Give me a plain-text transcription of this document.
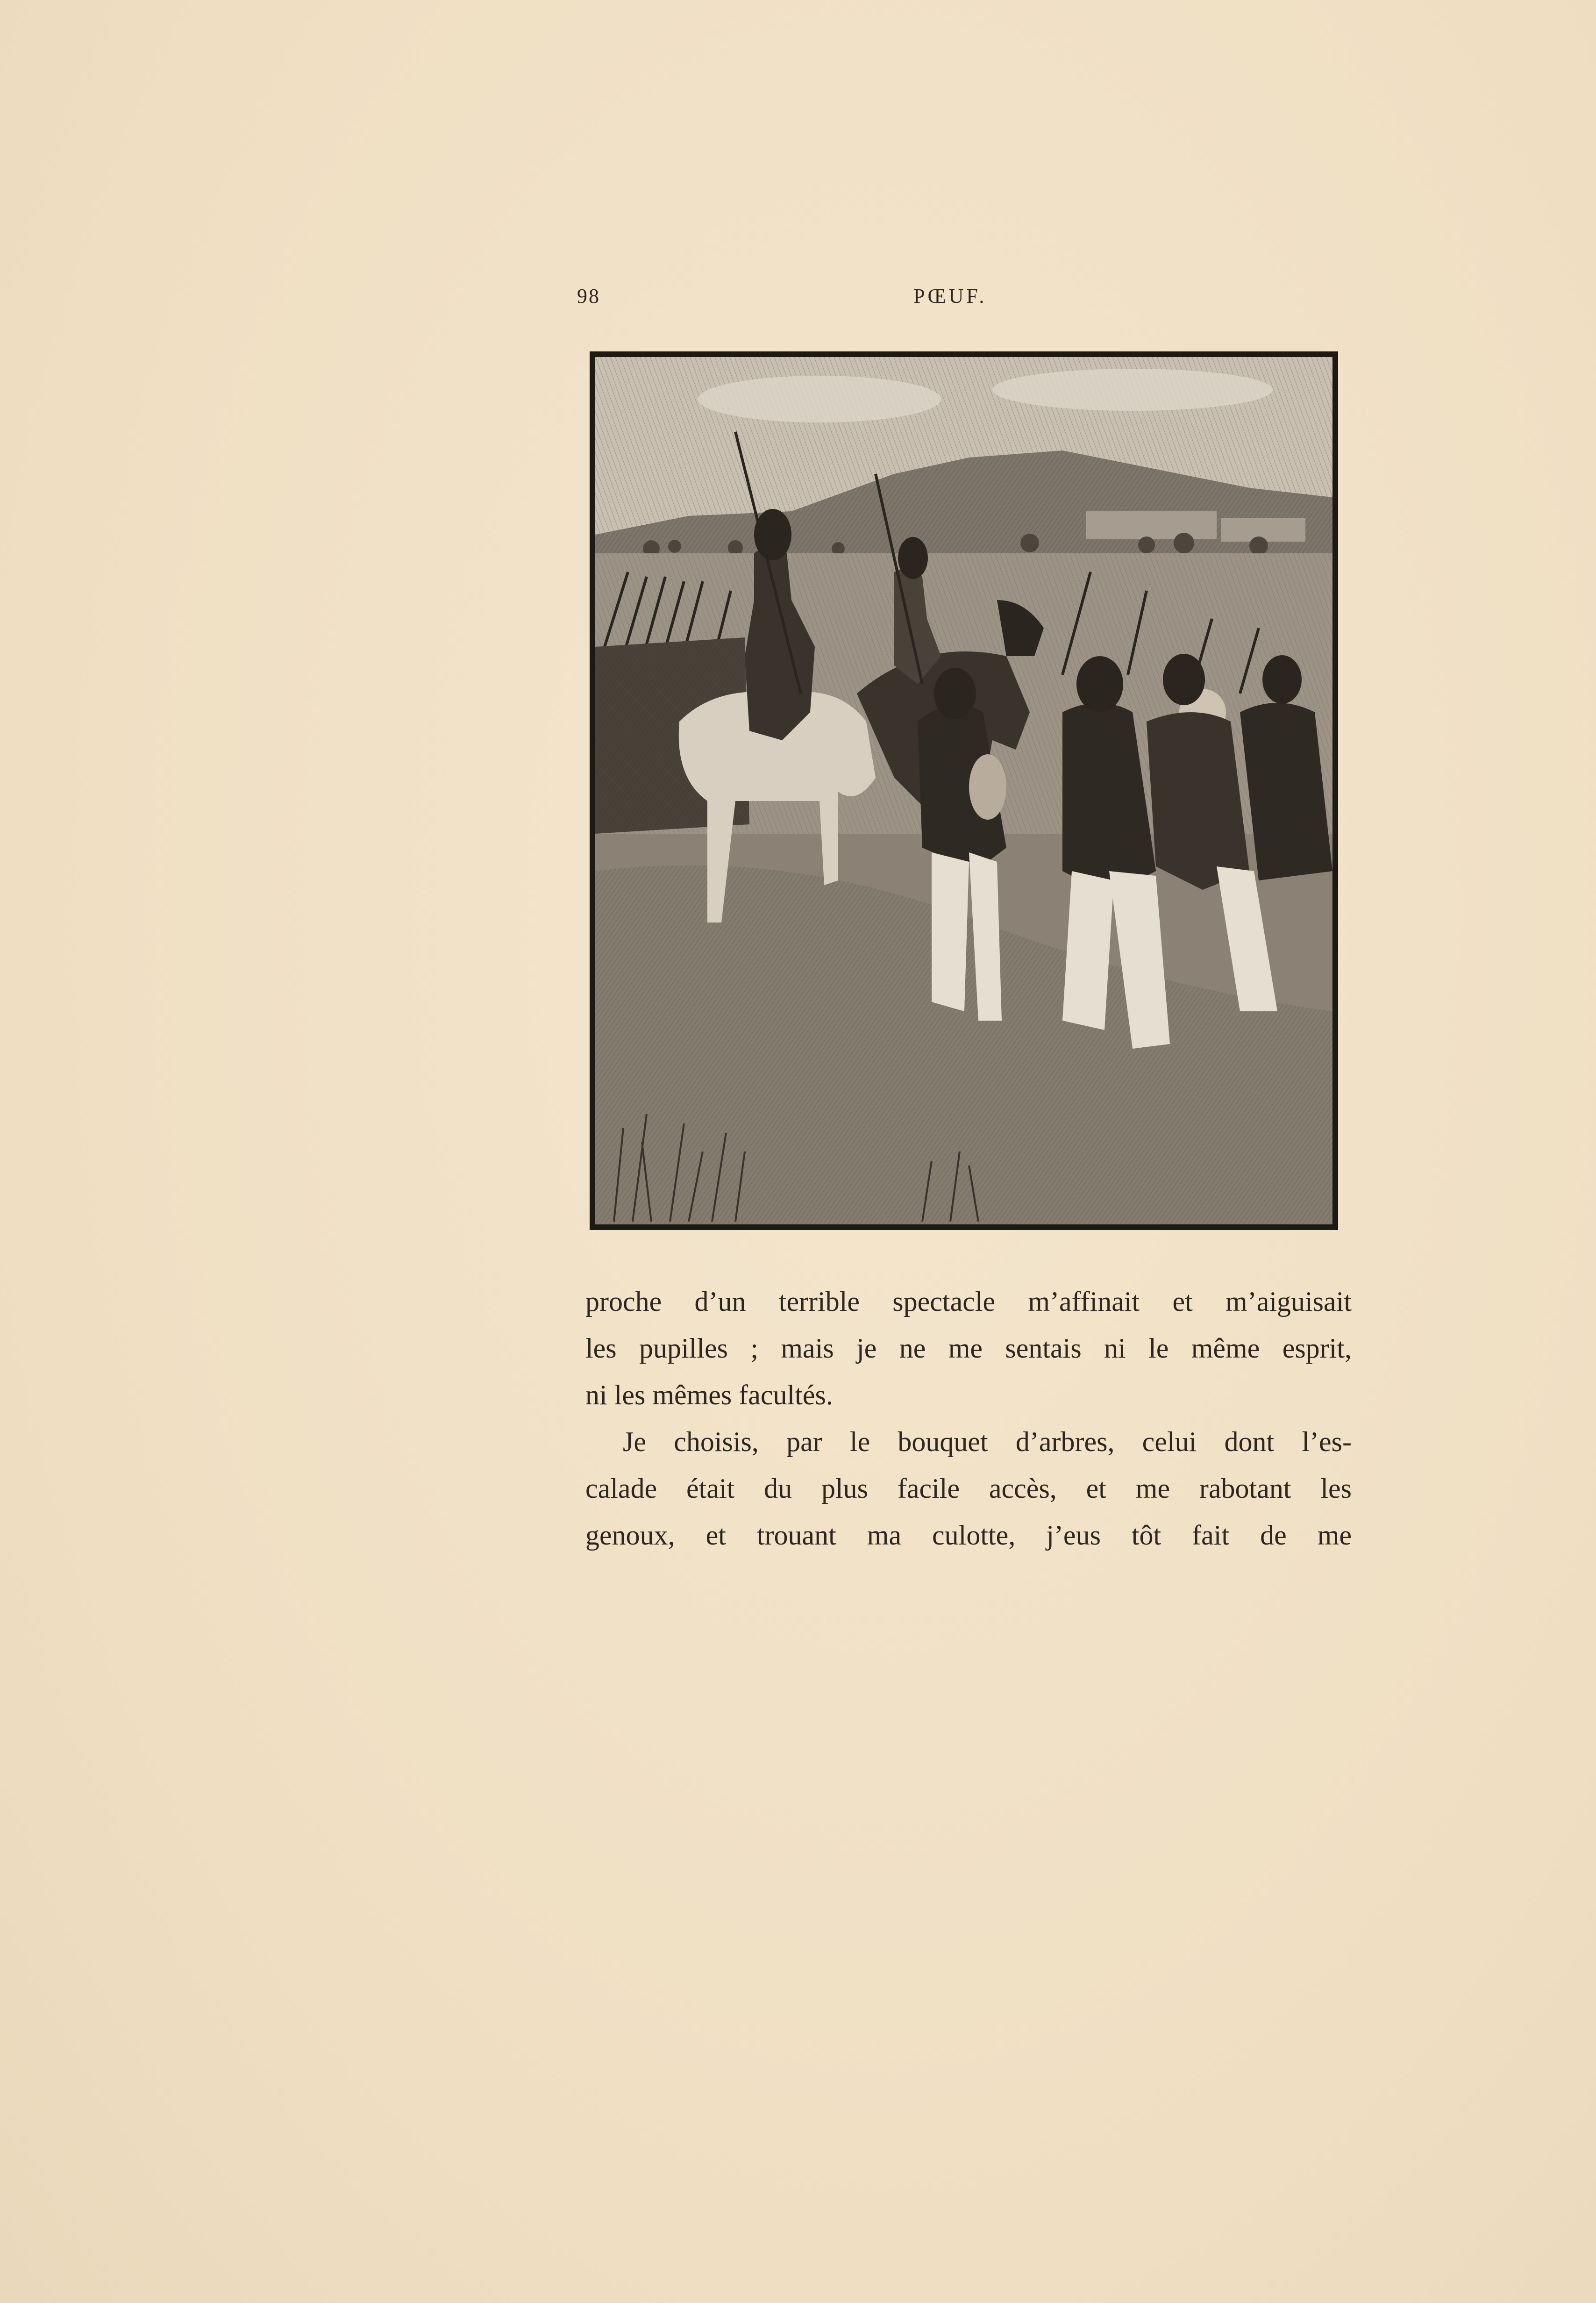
98	PŒUF.
proche d’un terrible spectacle m’affinait et m’aiguisait
les pupilles ; mais je ne me sentais ni le même esprit,
ni les mêmes facultés.
Je choisis, par le bouquet d’arbres, celui dont l’es-
calade était du plus facile accès, et me rabotant les
genoux, et trouant ma culotte, j’eus tôt fait de me
